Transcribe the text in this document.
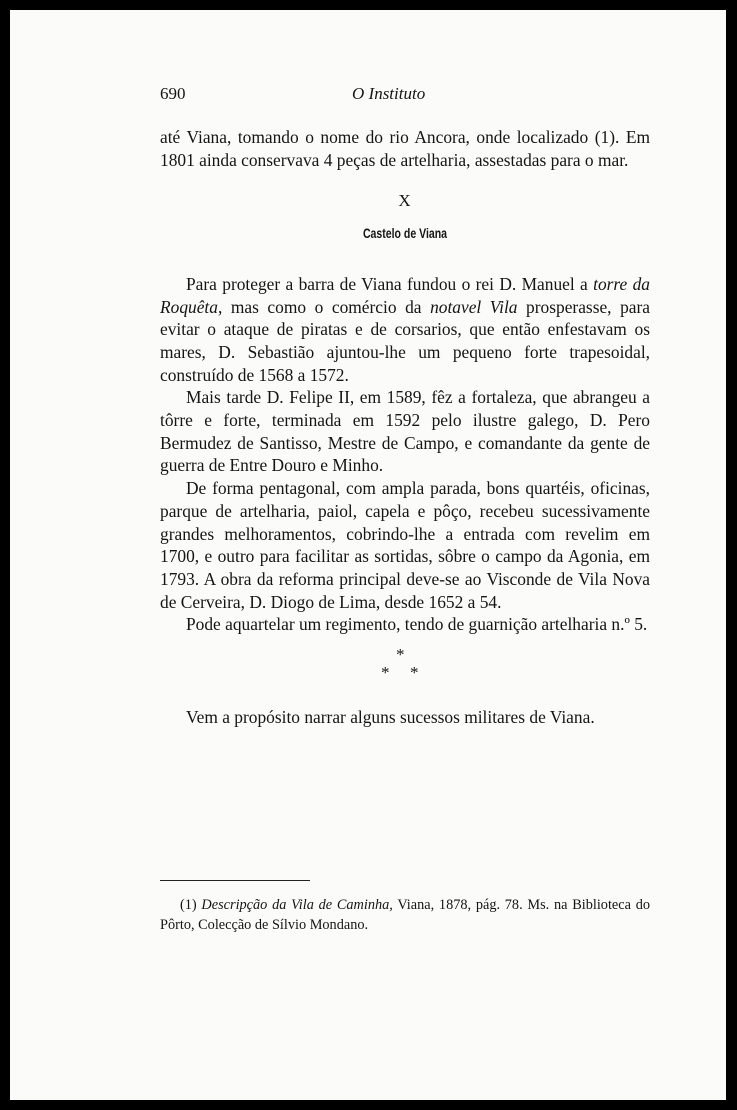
690	O Instituto

até Viana, tomando o nome do rio Ancora, onde localizado (1). Em 1801 ainda conservava 4 peças de artelharia, assestadas para o mar.

X
Castelo de Viana

Para proteger a barra de Viana fundou o rei D. Manuel a torre da Roquêta, mas como o comércio da notavel Vila prosperasse, para evitar o ataque de piratas e de corsarios, que então enfestavam os mares, D. Sebastião ajuntou-lhe um pequeno forte trapesoidal, construído de 1568 a 1572.

Mais tarde D. Felipe II, em 1589, fêz a fortaleza, que abrangeu a tôrre e forte, terminada em 1592 pelo ilustre galego, D. Pero Bermudez de Santisso, Mestre de Campo, e comandante da gente de guerra de Entre Douro e Minho.

De forma pentagonal, com ampla parada, bons quartéis, oficinas, parque de artelharia, paiol, capela e pôço, recebeu sucessivamente grandes melhoramentos, cobrindo-lhe a entrada com revelim em 1700, e outro para facilitar as sortidas, sôbre o campo da Agonia, em 1793. A obra da reforma principal deve-se ao Visconde de Vila Nova de Cerveira, D. Diogo de Lima, desde 1652 a 54.

Pode aquartelar um regimento, tendo de guarnição artelharia n.º 5.

*
* *

Vem a propósito narrar alguns sucessos militares de Viana.

(1) Descripção da Vila de Caminha, Viana, 1878, pág. 78. Ms. na Biblioteca do Pôrto, Colecção de Sílvio Mondano.
